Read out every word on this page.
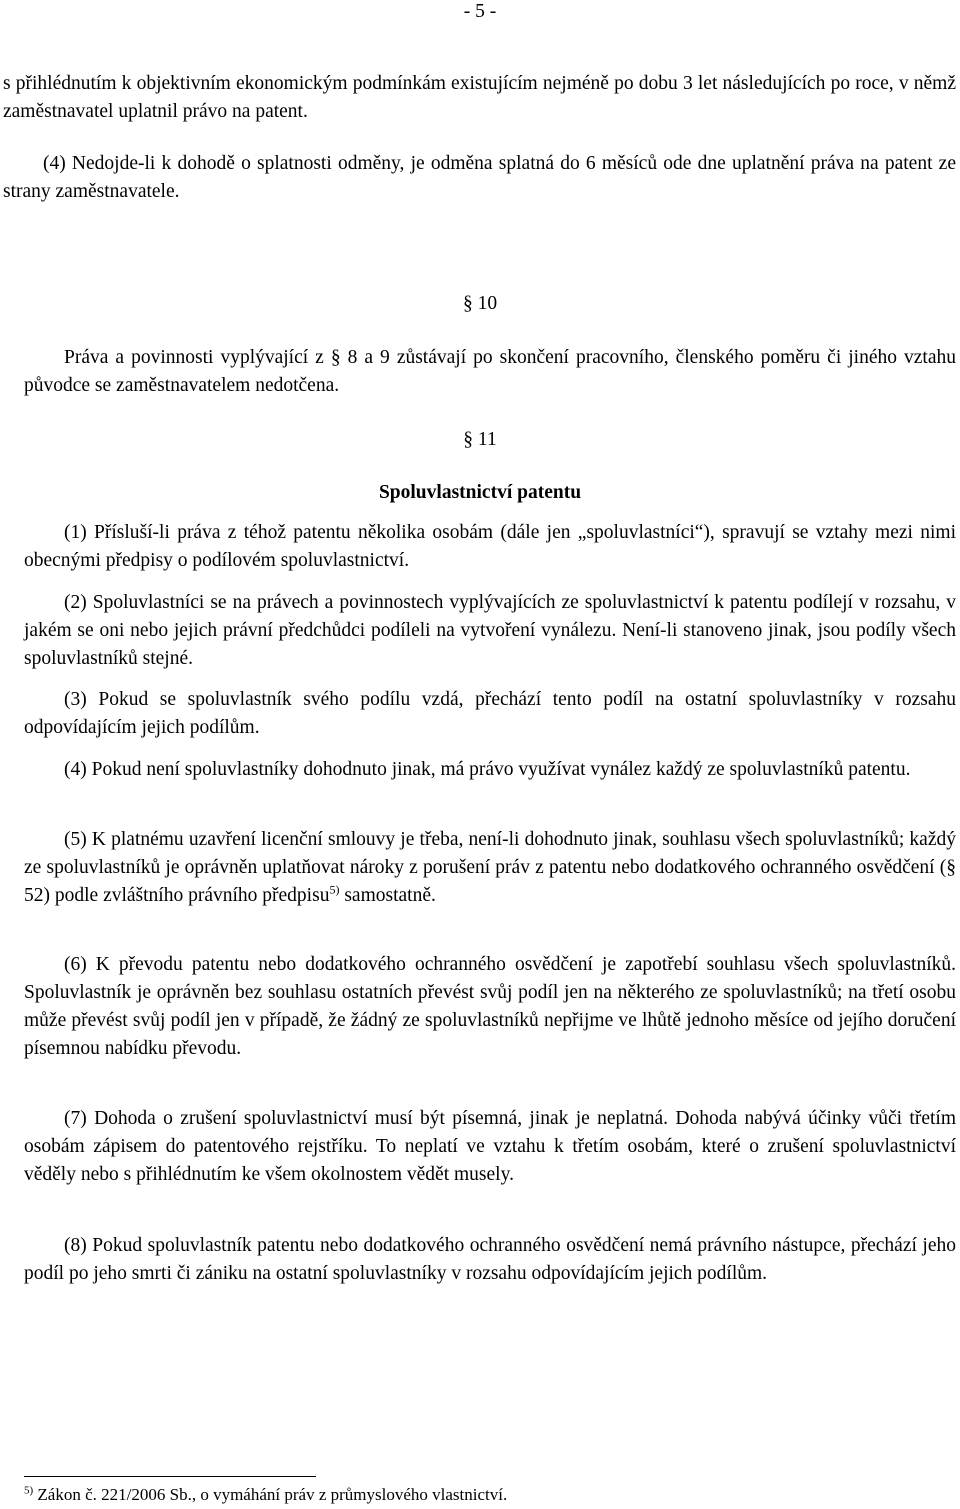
- 5 -
s přihlédnutím k objektivním ekonomickým podmínkám existujícím nejméně po dobu 3 let následujících po roce, v němž zaměstnavatel uplatnil právo na patent.
(4) Nedojde-li k dohodě o splatnosti odměny, je odměna splatná do 6 měsíců ode dne uplatnění práva na patent ze strany zaměstnavatele.
§ 10
Práva a povinnosti vyplývající z § 8 a 9 zůstávají po skončení pracovního, členského poměru či jiného vztahu původce se zaměstnavatelem nedotčena.
§ 11
Spoluvlastnictví patentu
(1) Přísluší-li práva z téhož patentu několika osobám (dále jen „spoluvlastníci“), spravují se vztahy mezi nimi obecnými předpisy o podílovém spoluvlastnictví.
(2) Spoluvlastníci se na právech a povinnostech vyplývajících ze spoluvlastnictví k patentu podílejí v rozsahu, v jakém se oni nebo jejich právní předchůdci podíleli na vytvoření vynálezu. Není-li stanoveno jinak, jsou podíly všech spoluvlastníků stejné.
(3) Pokud se spoluvlastník svého podílu vzdá, přechází tento podíl na ostatní spoluvlastníky v rozsahu odpovídajícím jejich podílům.
(4) Pokud není spoluvlastníky dohodnuto jinak, má právo využívat vynález každý ze spoluvlastníků patentu.
(5) K platnému uzavření licenční smlouvy je třeba, není-li dohodnuto jinak, souhlasu všech spoluvlastníků; každý ze spoluvlastníků je oprávněn uplatňovat nároky z porušení práv z patentu nebo dodatkového ochranného osvědčení (§ 52) podle zvláštního právního předpisu$^{5)}$ samostatně.
(6) K převodu patentu nebo dodatkového ochranného osvědčení je zapotřebí souhlasu všech spoluvlastníků. Spoluvlastník je oprávněn bez souhlasu ostatních převést svůj podíl jen na některého ze spoluvlastníků; na třetí osobu může převést svůj podíl jen v případě, že žádný ze spoluvlastníků nepřijme ve lhůtě jednoho měsíce od jejího doručení písemnou nabídku převodu.
(7) Dohoda o zrušení spoluvlastnictví musí být písemná, jinak je neplatná. Dohoda nabývá účinky vůči třetím osobám zápisem do patentového rejstříku. To neplatí ve vztahu k třetím osobám, které o zrušení spoluvlastnictví věděly nebo s přihlédnutím ke všem okolnostem vědět musely.
(8) Pokud spoluvlastník patentu nebo dodatkového ochranného osvědčení nemá právního nástupce, přechází jeho podíl po jeho smrti či zániku na ostatní spoluvlastníky v rozsahu odpovídajícím jejich podílům.
$^{5)}$ Zákon č. 221/2006 Sb., o vymáhání práv z průmyslového vlastnictví.
